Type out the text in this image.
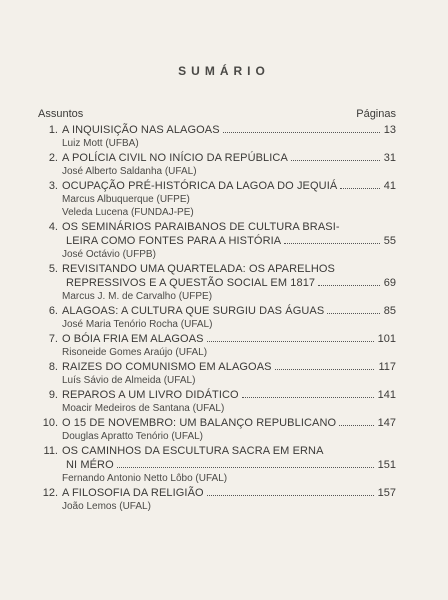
SUMÁRIO
Assuntos	Páginas
1. A INQUISIÇÃO NAS ALAGOAS	13
Luiz Mott (UFBA)
2. A POLÍCIA CIVIL NO INÍCIO DA REPÚBLICA	31
José Alberto Saldanha (UFAL)
3. OCUPAÇÃO PRÉ-HISTÓRICA DA LAGOA DO JEQUIÁ	41
Marcus Albuquerque (UFPE)
Veleda Lucena (FUNDAJ-PE)
4. OS SEMINÁRIOS PARAIBANOS DE CULTURA BRASI-
LEIRA COMO FONTES PARA A HISTÓRIA	55
José Octávio (UFPB)
5. REVISITANDO UMA QUARTELADA: OS APARELHOS
REPRESSIVOS E A QUESTÃO SOCIAL EM 1817	69
Marcus J. M. de Carvalho (UFPE)
6. ALAGOAS: A CULTURA QUE SURGIU DAS ÁGUAS	85
José Maria Tenório Rocha (UFAL)
7. O BÓIA FRIA EM ALAGOAS	101
Risoneide Gomes Araújo (UFAL)
8. RAIZES DO COMUNISMO EM ALAGOAS	117
Luís Sávio de Almeida (UFAL)
9. REPAROS A UM LIVRO DIDÁTICO	141
Moacir Medeiros de Santana (UFAL)
10. O 15 DE NOVEMBRO: UM BALANÇO REPUBLICANO	147
Douglas Apratto Tenório (UFAL)
11. OS CAMINHOS DA ESCULTURA SACRA EM ERNA
NI MÉRO	151
Fernando Antonio Netto Lôbo (UFAL)
12. A FILOSOFIA DA RELIGIÃO	157
João Lemos (UFAL)
